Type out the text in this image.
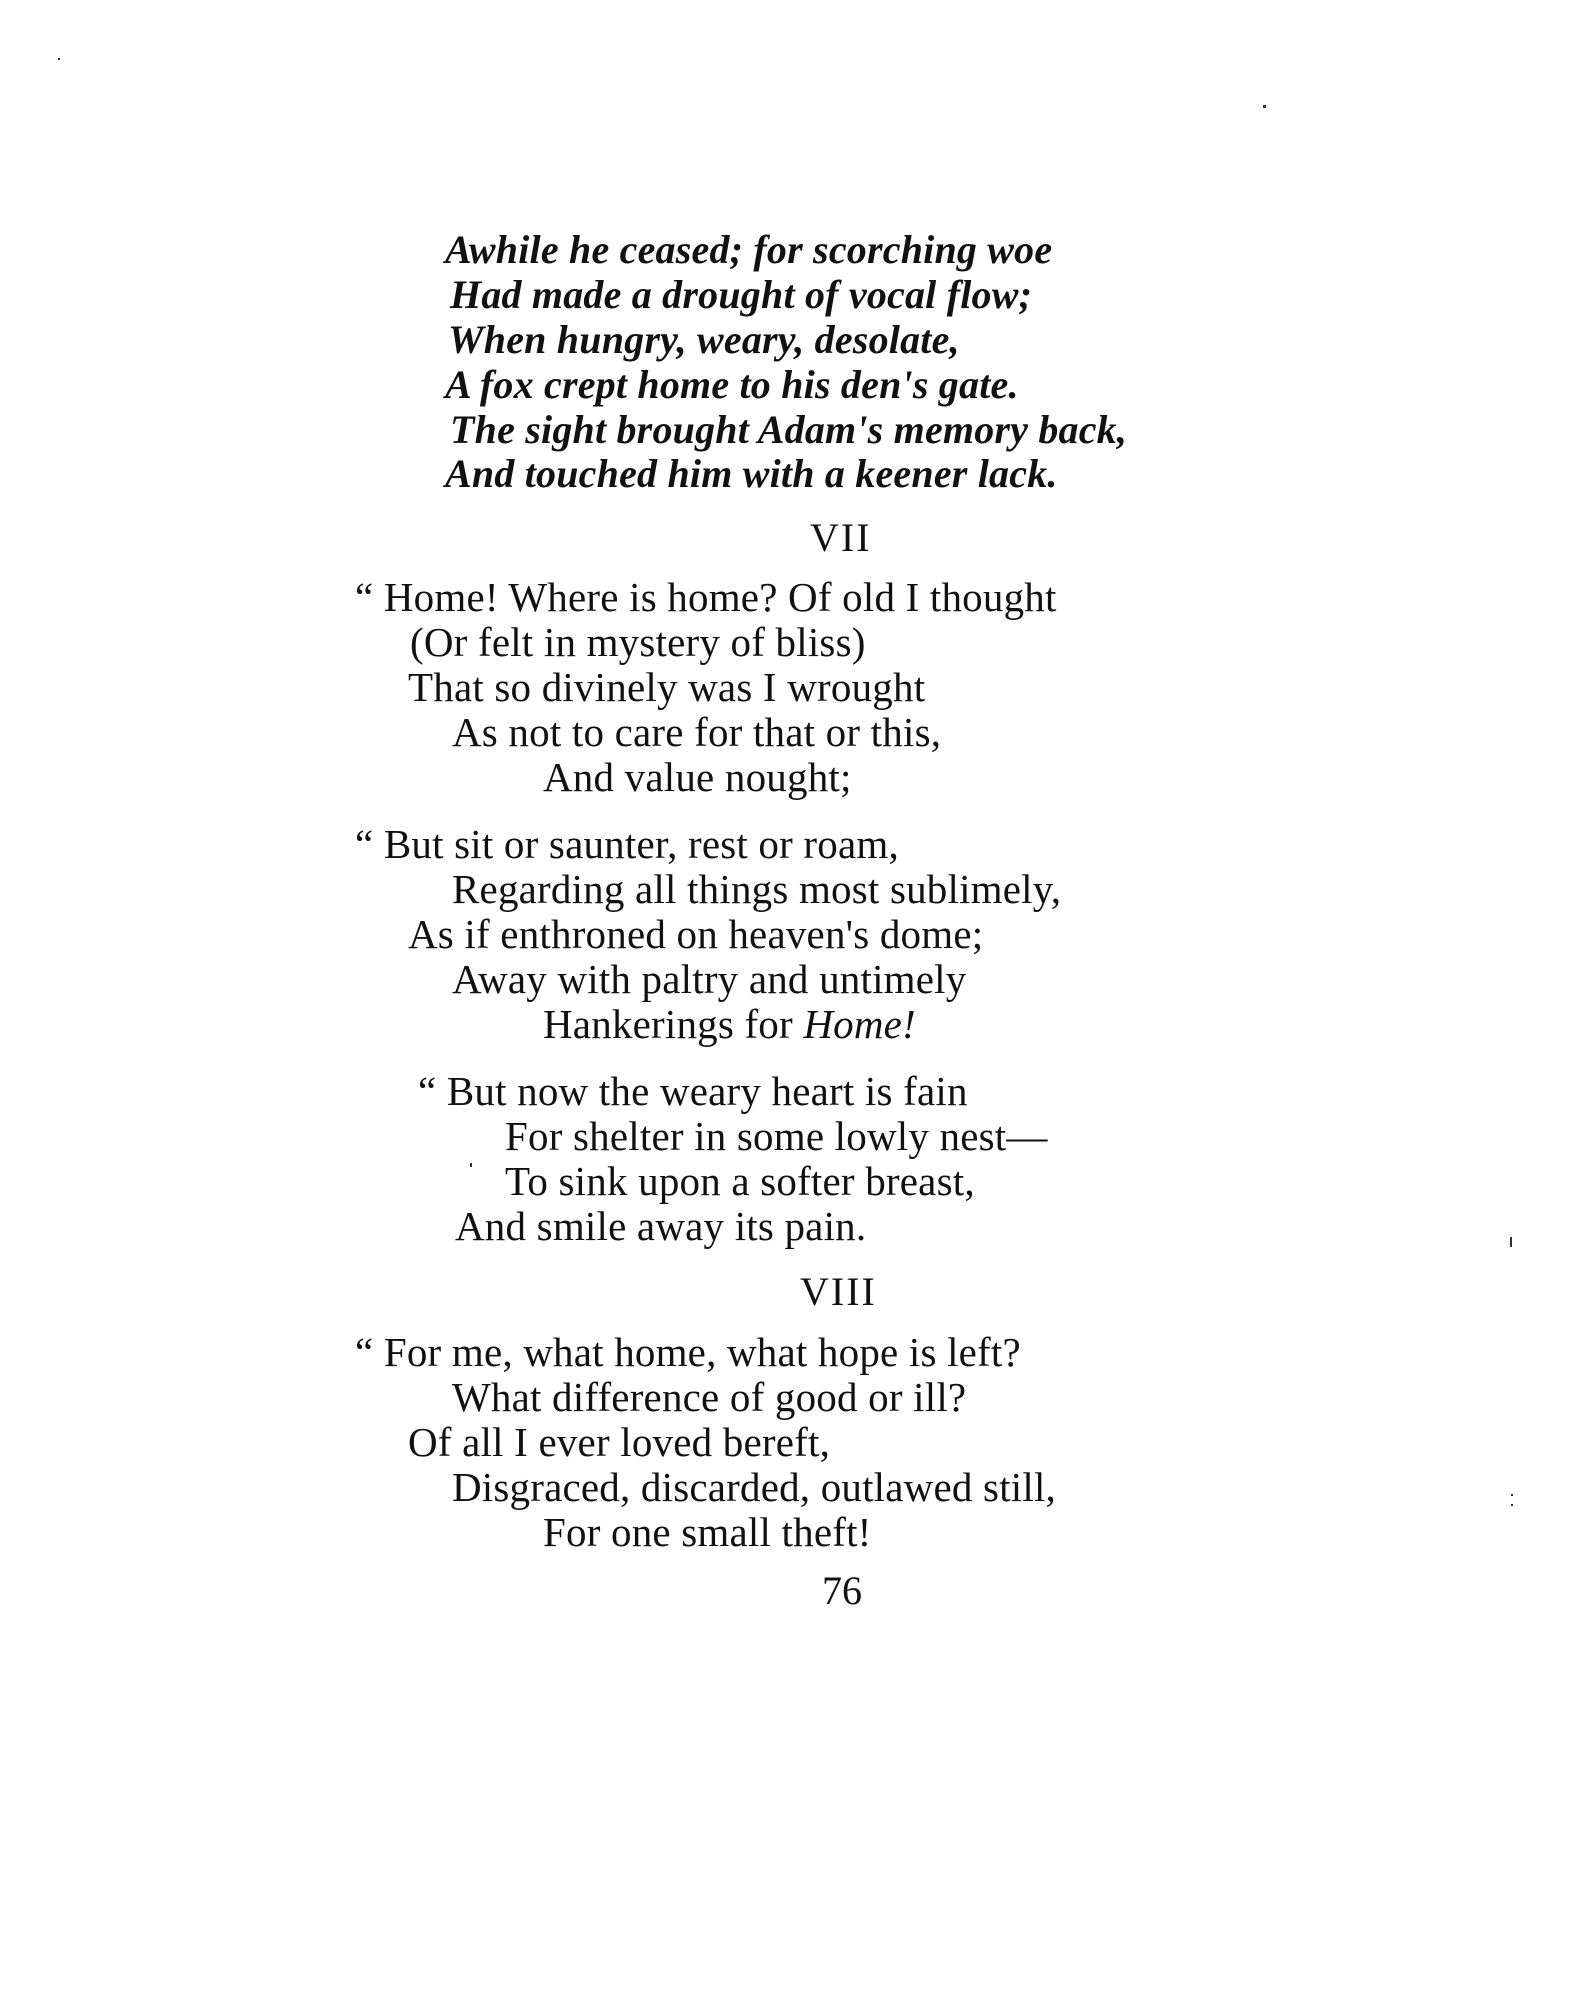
Awhile he ceased; for scorching woe
Had made a drought of vocal flow;
When hungry, weary, desolate,
A fox crept home to his den's gate.
The sight brought Adam's memory back,
And touched him with a keener lack.
VII
“ Home! Where is home? Of old I thought
(Or felt in mystery of bliss)
That so divinely was I wrought
As not to care for that or this,
And value nought;
“ But sit or saunter, rest or roam,
Regarding all things most sublimely,
As if enthroned on heaven's dome;
Away with paltry and untimely
Hankerings for Home!
“ But now the weary heart is fain
For shelter in some lowly nest—
To sink upon a softer breast,
And smile away its pain.
VIII
“ For me, what home, what hope is left?
What difference of good or ill?
Of all I ever loved bereft,
Disgraced, discarded, outlawed still,
For one small theft!
76
